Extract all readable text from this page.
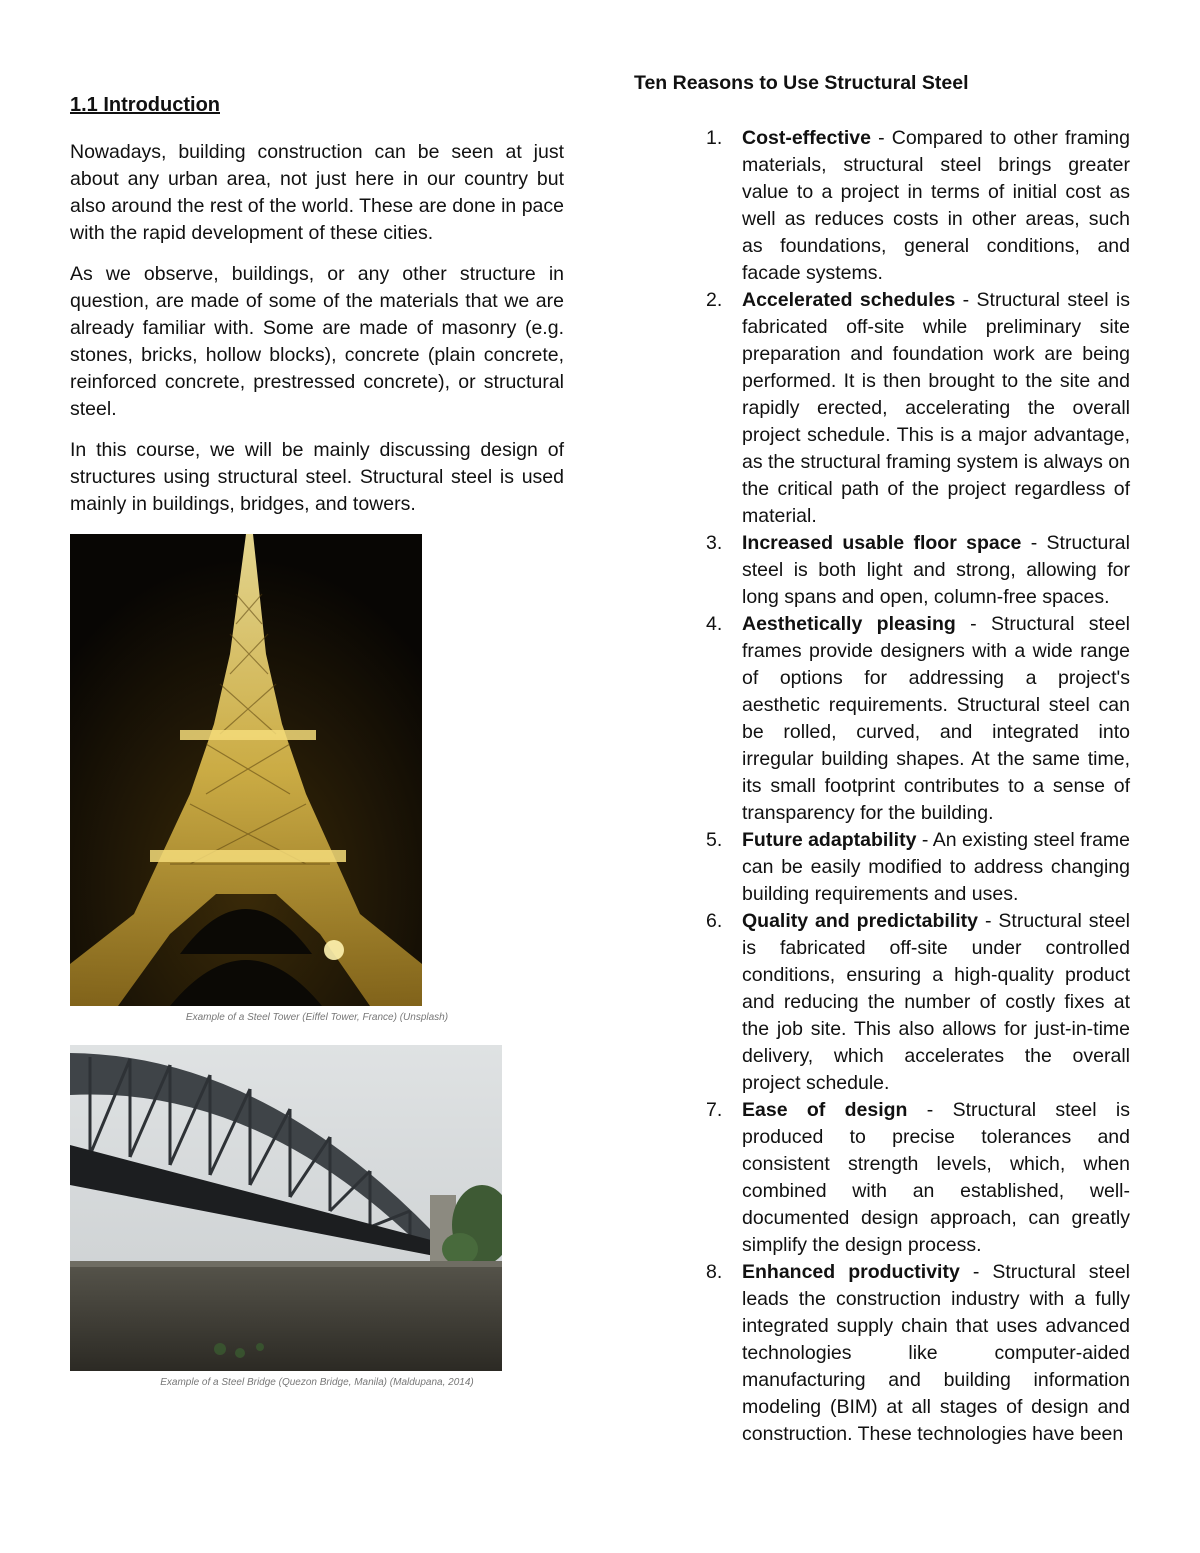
1.1 Introduction

Nowadays, building construction can be seen at just about any urban area, not just here in our country but also around the rest of the world. These are done in pace with the rapid development of these cities.

As we observe, buildings, or any other structure in question, are made of some of the materials that we are already familiar with. Some are made of masonry (e.g. stones, bricks, hollow blocks), concrete (plain concrete, reinforced concrete, prestressed concrete), or structural steel.

In this course, we will be mainly discussing design of structures using structural steel. Structural steel is used mainly in buildings, bridges, and towers.

Example of a Steel Tower (Eiffel Tower, France) (Unsplash)
Example of a Steel Bridge (Quezon Bridge, Manila) (Maldupana, 2014)
Ten Reasons to Use Structural Steel
1. Cost-effective - Compared to other framing materials, structural steel brings greater value to a project in terms of initial cost as well as reduces costs in other areas, such as foundations, general conditions, and facade systems.
2. Accelerated schedules - Structural steel is fabricated off-site while preliminary site preparation and foundation work are being performed. It is then brought to the site and rapidly erected, accelerating the overall project schedule. This is a major advantage, as the structural framing system is always on the critical path of the project regardless of material.
3. Increased usable floor space - Structural steel is both light and strong, allowing for long spans and open, column-free spaces.
4. Aesthetically pleasing - Structural steel frames provide designers with a wide range of options for addressing a project's aesthetic requirements. Structural steel can be rolled, curved, and integrated into irregular building shapes. At the same time, its small footprint contributes to a sense of transparency for the building.
5. Future adaptability - An existing steel frame can be easily modified to address changing building requirements and uses.
6. Quality and predictability - Structural steel is fabricated off-site under controlled conditions, ensuring a high-quality product and reducing the number of costly fixes at the job site. This also allows for just-in-time delivery, which accelerates the overall project schedule.
7. Ease of design - Structural steel is produced to precise tolerances and consistent strength levels, which, when combined with an established, well-documented design approach, can greatly simplify the design process.
8. Enhanced productivity - Structural steel leads the construction industry with a fully integrated supply chain that uses advanced technologies like computer-aided manufacturing and building information modeling (BIM) at all stages of design and construction. These technologies have been
